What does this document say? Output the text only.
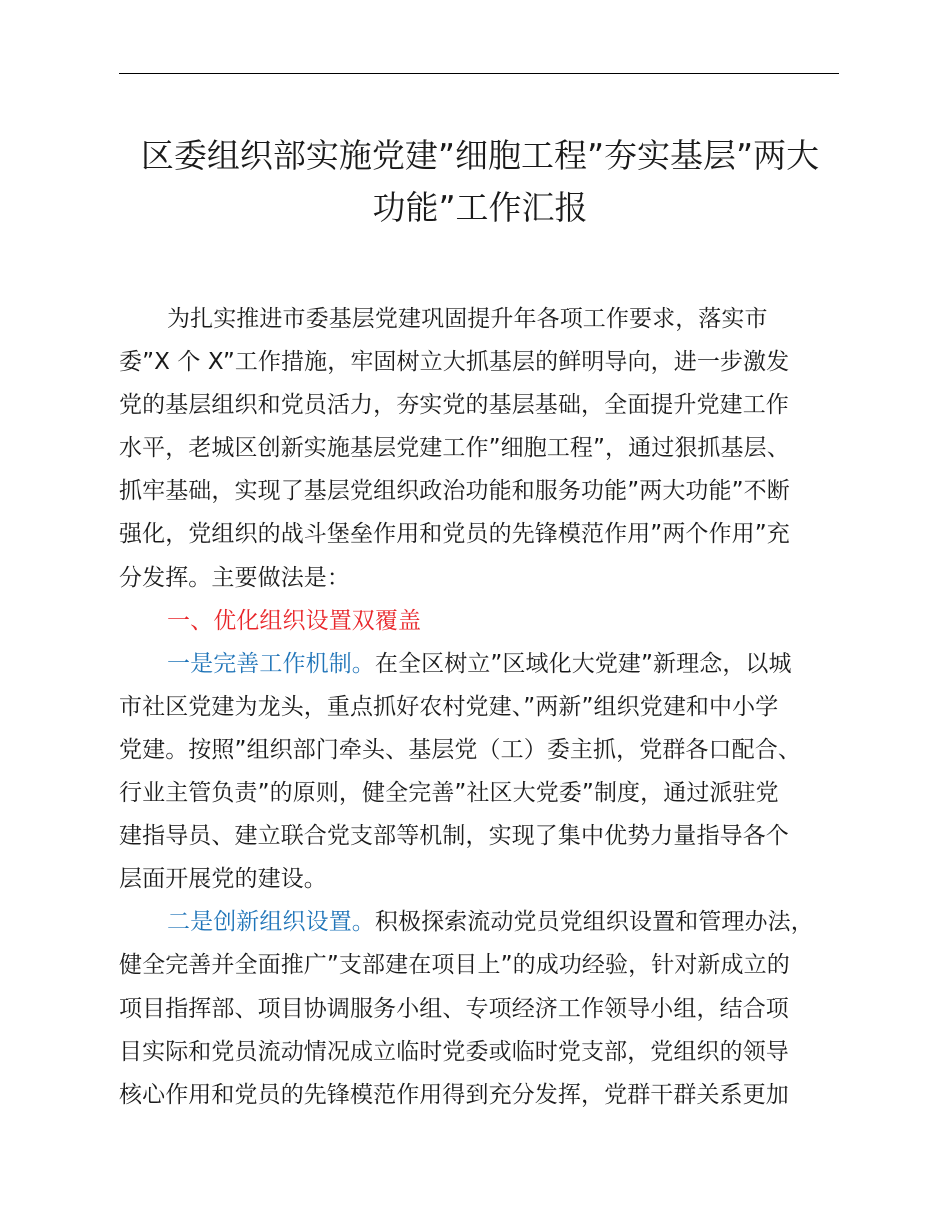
区委组织部实施党建”细胞工程”夯实基层”两大
功能”工作汇报
为扎实推进市委基层党建巩固提升年各项工作要求，落实市
委”X 个 X”工作措施，牢固树立大抓基层的鲜明导向，进一步激发
党的基层组织和党员活力，夯实党的基层基础，全面提升党建工作
水平，老城区创新实施基层党建工作”细胞工程”，通过狠抓基层、
抓牢基础，实现了基层党组织政治功能和服务功能”两大功能”不断
强化，党组织的战斗堡垒作用和党员的先锋模范作用”两个作用”充
分发挥。主要做法是：
一、优化组织设置双覆盖
一是完善工作机制。在全区树立”区域化大党建”新理念，以城
市社区党建为龙头，重点抓好农村党建、”两新”组织党建和中小学
党建。按照”组织部门牵头、基层党（工）委主抓，党群各口配合、
行业主管负责”的原则，健全完善”社区大党委”制度，通过派驻党
建指导员、建立联合党支部等机制，实现了集中优势力量指导各个
层面开展党的建设。
二是创新组织设置。积极探索流动党员党组织设置和管理办法，
健全完善并全面推广”支部建在项目上”的成功经验，针对新成立的
项目指挥部、项目协调服务小组、专项经济工作领导小组，结合项
目实际和党员流动情况成立临时党委或临时党支部，党组织的领导
核心作用和党员的先锋模范作用得到充分发挥，党群干群关系更加
